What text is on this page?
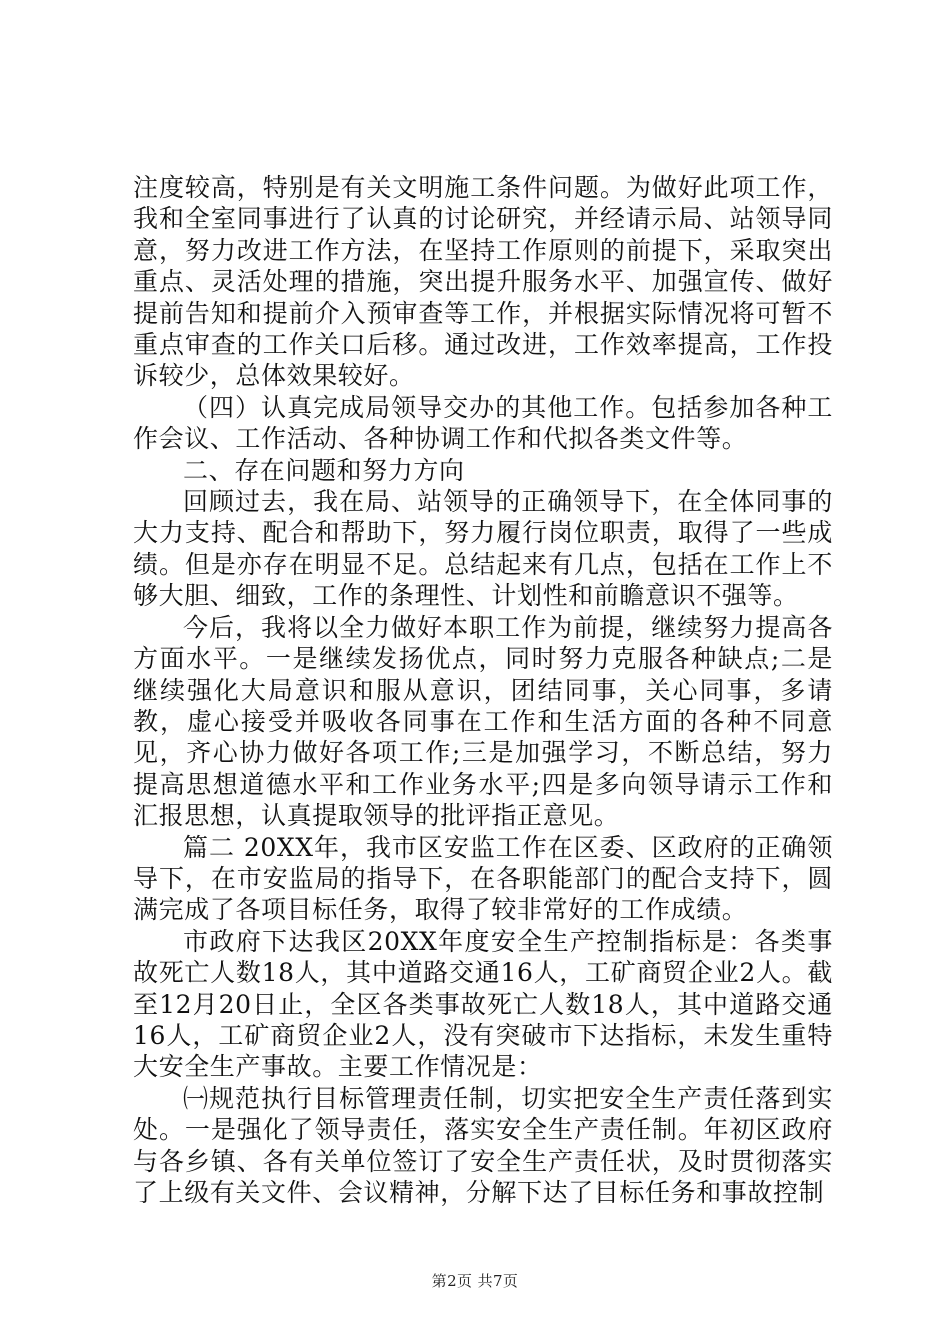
注度较高，特别是有关文明施工条件问题。为做好此项工作，我和全室同事进行了认真的讨论研究，并经请示局、站领导同意，努力改进工作方法，在坚持工作原则的前提下，采取突出重点、灵活处理的措施，突出提升服务水平、加强宣传、做好提前告知和提前介入预审查等工作，并根据实际情况将可暂不重点审查的工作关口后移。通过改进，工作效率提高，工作投诉较少，总体效果较好。

（四）认真完成局领导交办的其他工作。包括参加各种工作会议、工作活动、各种协调工作和代拟各类文件等。

二、存在问题和努力方向

回顾过去，我在局、站领导的正确领导下，在全体同事的大力支持、配合和帮助下，努力履行岗位职责，取得了一些成绩。但是亦存在明显不足。总结起来有几点，包括在工作上不够大胆、细致，工作的条理性、计划性和前瞻意识不强等。

今后，我将以全力做好本职工作为前提，继续努力提高各方面水平。一是继续发扬优点，同时努力克服各种缺点;二是继续强化大局意识和服从意识，团结同事，关心同事，多请教，虚心接受并吸收各同事在工作和生活方面的各种不同意见，齐心协力做好各项工作;三是加强学习，不断总结，努力提高思想道德水平和工作业务水平;四是多向领导请示工作和汇报思想，认真提取领导的批评指正意见。

篇二 20XX年，我市区安监工作在区委、区政府的正确领导下，在市安监局的指导下，在各职能部门的配合支持下，圆满完成了各项目标任务，取得了较非常好的工作成绩。

市政府下达我区20XX年度安全生产控制指标是：各类事故死亡人数18人，其中道路交通16人，工矿商贸企业2人。截至12月20日止，全区各类事故死亡人数18人，其中道路交通16人，工矿商贸企业2人，没有突破市下达指标，未发生重特大安全生产事故。主要工作情况是：

㈠规范执行目标管理责任制，切实把安全生产责任落到实处。一是强化了领导责任，落实安全生产责任制。年初区政府与各乡镇、各有关单位签订了安全生产责任状，及时贯彻落实了上级有关文件、会议精神，分解下达了目标任务和事故控制

第2页 共7页
